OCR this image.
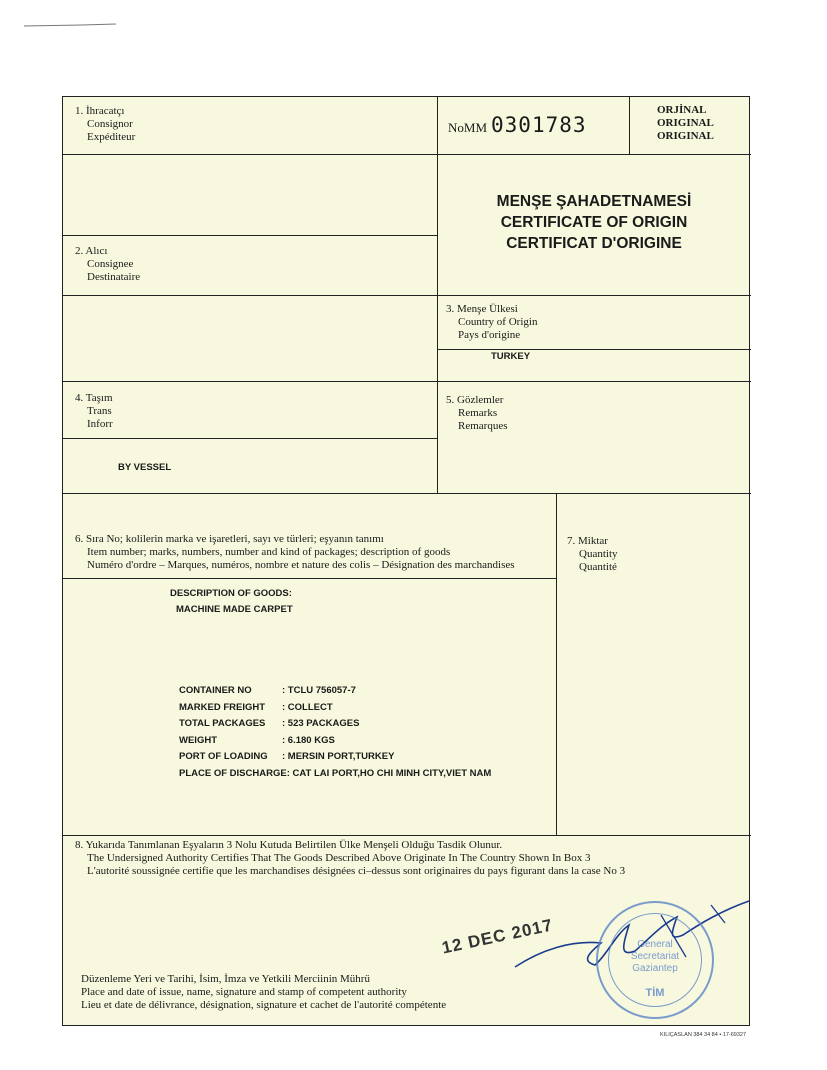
1. İhracatçı
Consignor
Expéditeur
NoMM 0301783
ORJİNAL
ORIGINAL
ORIGINAL
MENŞE ŞAHADETNAMESİ
CERTIFICATE OF ORIGIN
CERTIFICAT D'ORIGINE
2. Alıcı
Consignee
Destinataire
3. Menşe Ülkesi
Country of Origin
Pays d'origine
TURKEY
4. Taşım
Trans
Inforr
BY VESSEL
5. Gözlemler
Remarks
Remarques
6. Sıra No; kolilerin marka ve işaretleri, sayı ve türleri; eşyanın tanımı
Item number; marks, numbers, number and kind of packages; description of goods
Numéro d'ordre – Marques, numéros, nombre et nature des colis – Désignation des marchandises
7. Miktar
Quantity
Quantité
DESCRIPTION OF GOODS:
MACHINE MADE CARPET
CONTAINER NO	: TCLU 756057-7
MARKED FREIGHT : COLLECT
TOTAL PACKAGES : 523 PACKAGES
WEIGHT	: 6.180 KGS
PORT OF LOADING : MERSIN PORT,TURKEY
PLACE OF DISCHARGE: CAT LAI PORT,HO CHI MINH CITY,VIET NAM
8. Yukarıda Tanımlanan Eşyaların 3 Nolu Kutuda Belirtilen Ülke Menşeli Olduğu Tasdik Olunur.
The Undersigned Authority Certifies That The Goods Described Above Originate In The Country Shown In Box 3
L'autorité soussignée certifie que les marchandises désignées ci–dessus sont originaires du pays figurant dans la case No 3
12 DEC 2017	General
Secretariat
Gaziantep
TİM
Düzenleme Yeri ve Tarihi, İsim, İmza ve Yetkili Merciinin Mührü
Place and date of issue, name, signature and stamp of competent authority
Lieu et date de délivrance, désignation, signature et cachet de l'autorité compétente
KILIÇASLAN 384 34 84 • 17-69327
